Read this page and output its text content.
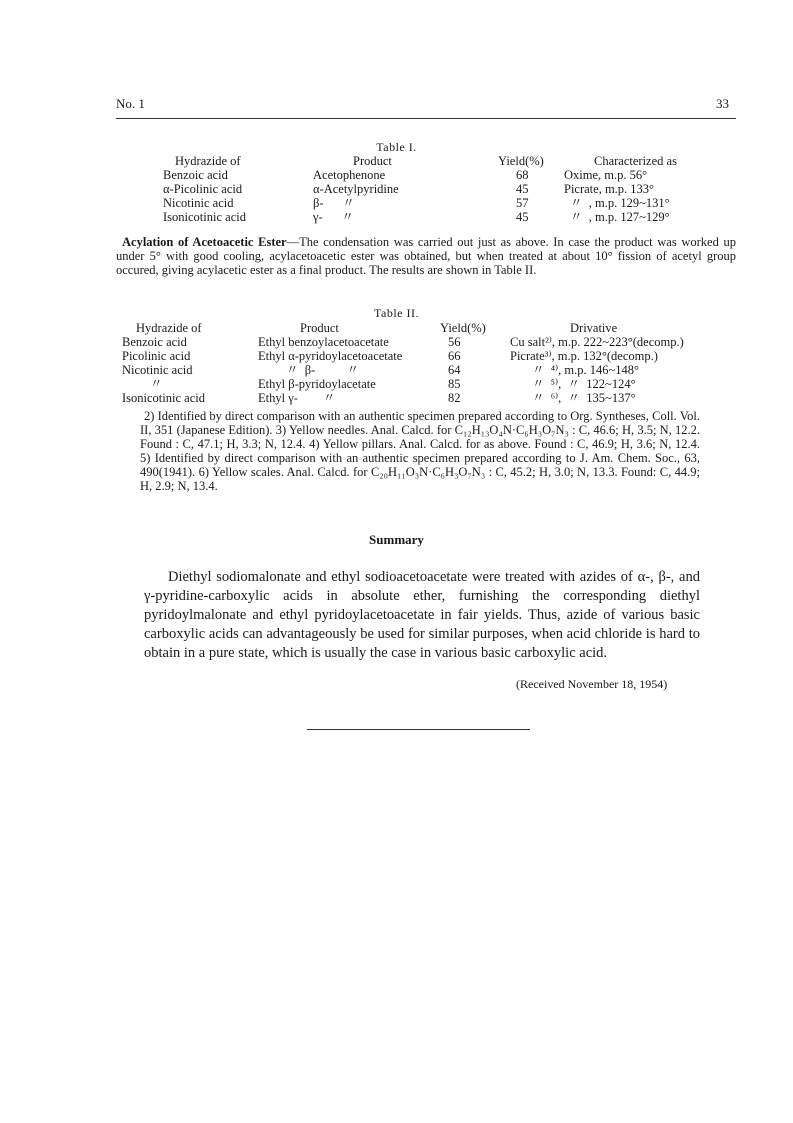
No. 1	33
Table I.
Hydrazide of	Product	Yield(%)	Characterized as
Benzoic acid	Acetophenone	68	Oxime, m.p. 56°
α-Picolinic acid	α-Acetylpyridine	45	Picrate, m.p. 133°
Nicotinic acid	β-      〃	57	〃  , m.p. 129~131°
Isonicotinic acid	γ-      〃	45	〃  , m.p. 127~129°
Acylation of Acetoacetic Ester—The condensation was carried out just as above. In case the product was worked up under 5° with good cooling, acylacetoacetic ester was obtained, but when treated at about 10° fission of acetyl group occured, giving acylacetic ester as a final product. The results are shown in Table II.
Table II.
Hydrazide of	Product	Yield(%)	Drivative
Benzoic acid	Ethyl benzoylacetoacetate	56	Cu salt²⁾, m.p. 222~223°(decomp.)
Picolinic acid	Ethyl α-pyridoylacetoacetate	66	Picrate³⁾, m.p. 132°(decomp.)
Nicotinic acid	〃  β-          〃	64	〃  ⁴⁾, m.p. 146~148°
〃	Ethyl β-pyridoylacetate	85	〃  ⁵⁾,  〃  122~124°
Isonicotinic acid	Ethyl γ-        〃	82	〃  ⁶⁾,  〃  135~137°
2) Identified by direct comparison with an authentic specimen prepared according to Org. Syntheses, Coll. Vol. II, 351 (Japanese Edition). 3) Yellow needles. Anal. Calcd. for C₁₂H₁₃O₄N·C₆H₃O₇N₃ : C, 46.6; H, 3.5; N, 12.2. Found : C, 47.1; H, 3.3; N, 12.4. 4) Yellow pillars. Anal. Calcd. for as above. Found : C, 46.9; H, 3.6; N, 12.4. 5) Identified by direct comparison with an authentic specimen prepared according to J. Am. Chem. Soc., 63, 490(1941). 6) Yellow scales. Anal. Calcd. for C₂₀H₁₁O₃N·C₆H₃O₇N₃ : C, 45.2; H, 3.0; N, 13.3. Found: C, 44.9; H, 2.9; N, 13.4.
Summary
Diethyl sodiomalonate and ethyl sodioacetoacetate were treated with azides of α-, β-, and γ-pyridine-carboxylic acids in absolute ether, furnishing the corresponding diethyl pyridoylmalonate and ethyl pyridoylacetoacetate in fair yields. Thus, azide of various basic carboxylic acids can advantageously be used for similar purposes, when acid chloride is hard to obtain in a pure state, which is usually the case in various basic carboxylic acid.
(Received November 18, 1954)
